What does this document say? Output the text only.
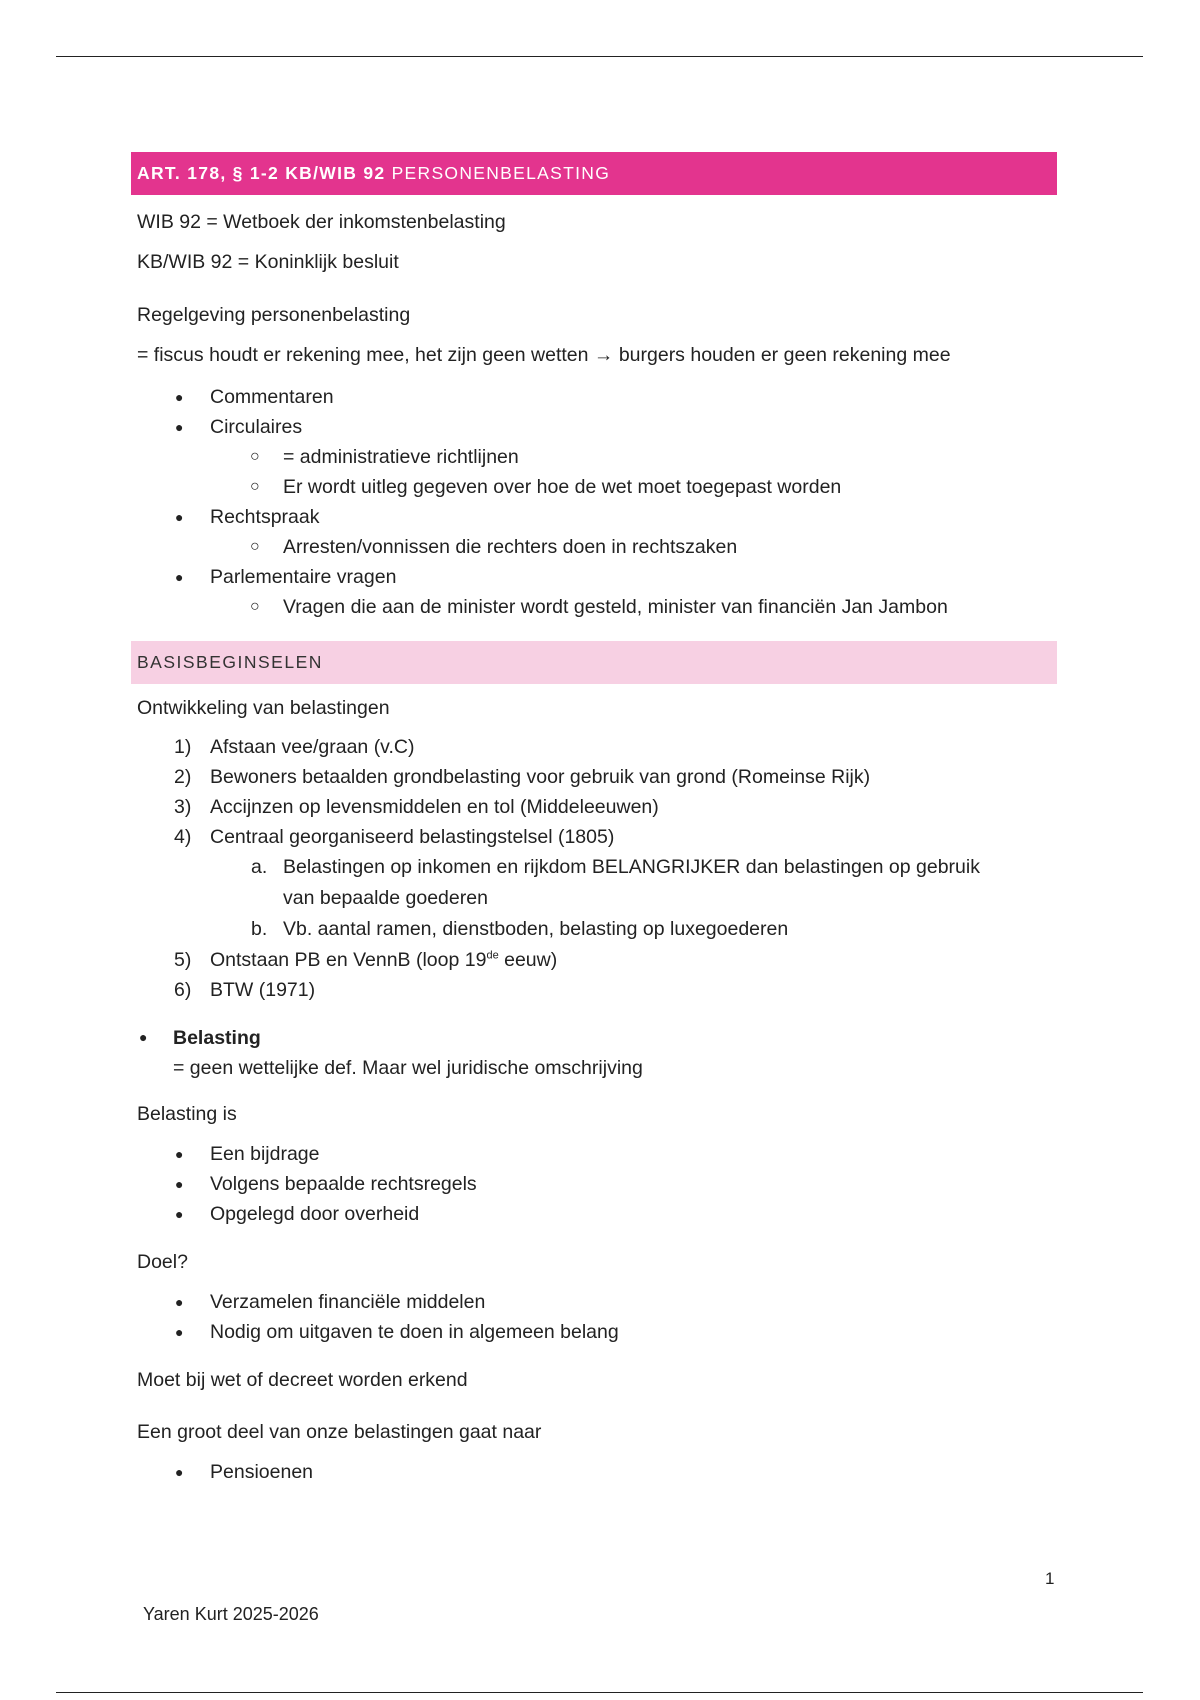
ART. 178, § 1-2 KB/WIB 92 PERSONENBELASTING

WIB 92 = Wetboek der inkomstenbelasting

KB/WIB 92 = Koninklijk besluit

Regelgeving personenbelasting

= fiscus houdt er rekening mee, het zijn geen wetten → burgers houden er geen rekening mee

● Commentaren
● Circulaires
○ = administratieve richtlijnen
○ Er wordt uitleg gegeven over hoe de wet moet toegepast worden
● Rechtspraak
○ Arresten/vonnissen die rechters doen in rechtszaken
● Parlementaire vragen
○ Vragen die aan de minister wordt gesteld, minister van financiën Jan Jambon
BASISBEGINSELEN

Ontwikkeling van belastingen

1) Afstaan vee/graan (v.C)
2) Bewoners betaalden grondbelasting voor gebruik van grond (Romeinse Rijk)
3) Accijnzen op levensmiddelen en tol (Middeleeuwen)
4) Centraal georganiseerd belastingstelsel (1805)
a. Belastingen op inkomen en rijkdom BELANGRIJKER dan belastingen op gebruik
van bepaalde goederen
b. Vb. aantal ramen, dienstboden, belasting op luxegoederen
5) Ontstaan PB en VennB (loop 19de eeuw)
6) BTW (1971)
● Belasting

= geen wettelijke def. Maar wel juridische omschrijving

Belasting is

● Een bijdrage
● Volgens bepaalde rechtsregels
● Opgelegd door overheid

Doel?

● Verzamelen financiële middelen
● Nodig om uitgaven te doen in algemeen belang

Moet bij wet of decreet worden erkend

Een groot deel van onze belastingen gaat naar

● Pensioenen
1
Yaren Kurt 2025-2026
